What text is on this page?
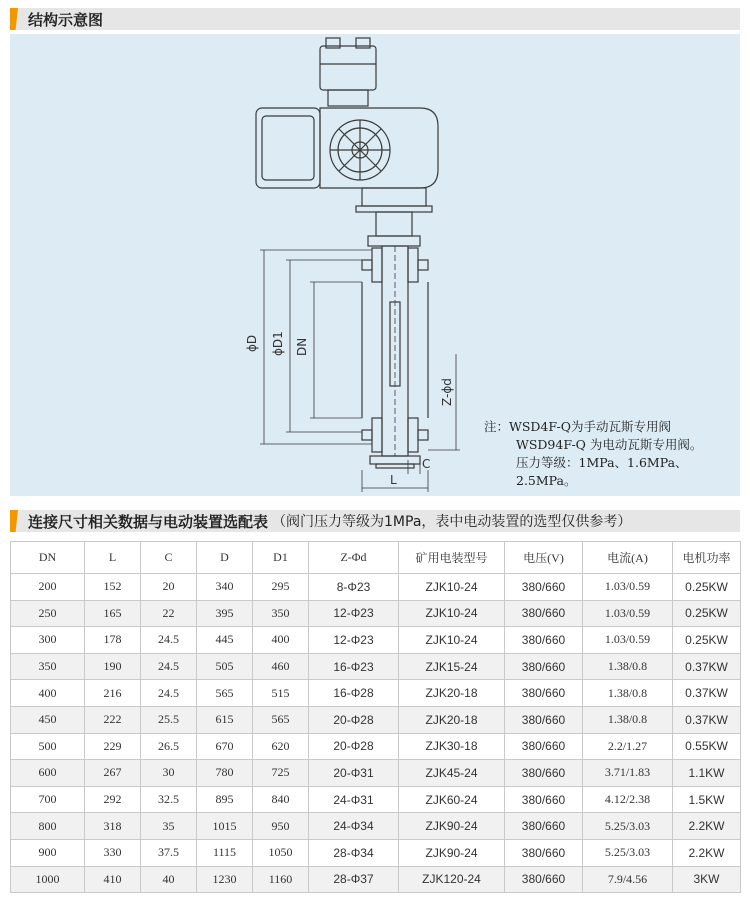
结构示意图
ϕD ϕD1 DN
Z-ϕd
C
L
注：WSD4F-Q为手动瓦斯专用阀
WSD94F-Q 为电动瓦斯专用阀。
压力等级：1MPa、1.6MPa、
2.5MPa。
连接尺寸相关数据与电动装置选配表 （阀门压力等级为1MPa，表中电动装置的选型仅供参考）
DN	L	C	D	D1	Z-Φd	矿用电装型号	电压(V)	电流(A)	电机功率
200	152	20	340	295	8-Φ23	ZJK10-24	380/660	1.03/0.59	0.25KW
250	165	22	395	350	12-Φ23	ZJK10-24	380/660	1.03/0.59	0.25KW
300	178	24.5	445	400	12-Φ23	ZJK10-24	380/660	1.03/0.59	0.25KW
350	190	24.5	505	460	16-Φ23	ZJK15-24	380/660	1.38/0.8	0.37KW
400	216	24.5	565	515	16-Φ28	ZJK20-18	380/660	1.38/0.8	0.37KW
450	222	25.5	615	565	20-Φ28	ZJK20-18	380/660	1.38/0.8	0.37KW
500	229	26.5	670	620	20-Φ28	ZJK30-18	380/660	2.2/1.27	0.55KW
600	267	30	780	725	20-Φ31	ZJK45-24	380/660	3.71/1.83	1.1KW
700	292	32.5	895	840	24-Φ31	ZJK60-24	380/660	4.12/2.38	1.5KW
800	318	35	1015	950	24-Φ34	ZJK90-24	380/660	5.25/3.03	2.2KW
900	330	37.5	1115	1050	28-Φ34	ZJK90-24	380/660	5.25/3.03	2.2KW
1000	410	40	1230	1160	28-Φ37	ZJK120-24	380/660	7.9/4.56	3KW
